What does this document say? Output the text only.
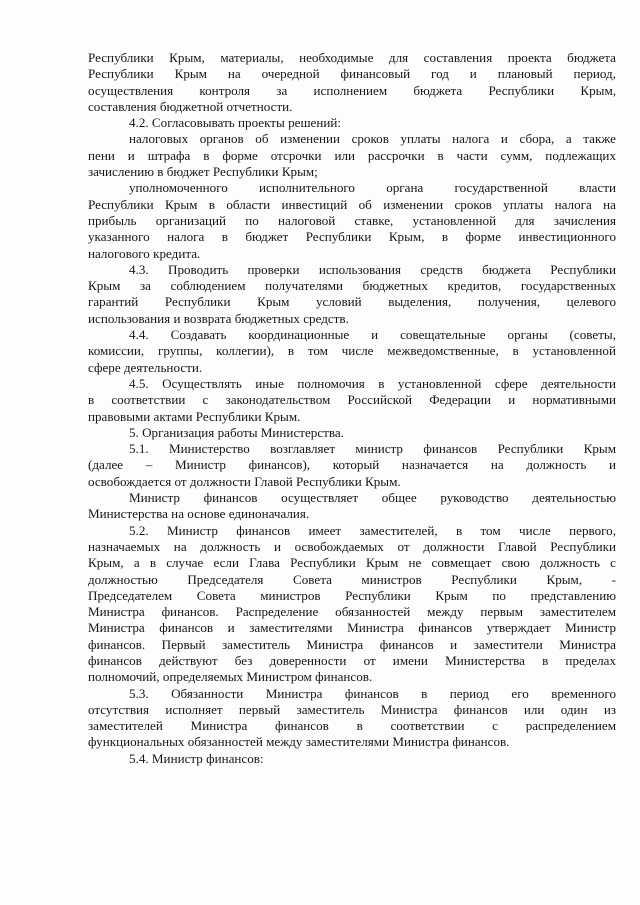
Республики Крым, материалы, необходимые для составления проекта бюджета
Республики Крым на очередной финансовый год и плановый период,
осуществления контроля за исполнением бюджета Республики Крым,
составления бюджетной отчетности.
4.2. Согласовывать проекты решений:
налоговых органов об изменении сроков уплаты налога и сбора, а также
пени и штрафа в форме отсрочки или рассрочки в части сумм, подлежащих
зачислению в бюджет Республики Крым;
уполномоченного исполнительного органа государственной власти
Республики Крым в области инвестиций об изменении сроков уплаты налога на
прибыль организаций по налоговой ставке, установленной для зачисления
указанного налога в бюджет Республики Крым, в форме инвестиционного
налогового кредита.
4.3. Проводить проверки использования средств бюджета Республики
Крым за соблюдением получателями бюджетных кредитов, государственных
гарантий Республики Крым условий выделения, получения, целевого
использования и возврата бюджетных средств.
4.4. Создавать координационные и совещательные органы (советы,
комиссии, группы, коллегии), в том числе межведомственные, в установленной
сфере деятельности.
4.5. Осуществлять иные полномочия в установленной сфере деятельности
в соответствии с законодательством Российской Федерации и нормативными
правовыми актами Республики Крым.
5. Организация работы Министерства.
5.1. Министерство возглавляет министр финансов Республики Крым
(далее – Министр финансов), который назначается на должность и
освобождается от должности Главой Республики Крым.
Министр финансов осуществляет общее руководство деятельностью
Министерства на основе единоначалия.
5.2. Министр финансов имеет заместителей, в том числе первого,
назначаемых на должность и освобождаемых от должности Главой Республики
Крым, а в случае если Глава Республики Крым не совмещает свою должность с
должностью Председателя Совета министров Республики Крым, -
Председателем Совета министров Республики Крым по представлению
Министра финансов. Распределение обязанностей между первым заместителем
Министра финансов и заместителями Министра финансов утверждает Министр
финансов. Первый заместитель Министра финансов и заместители Министра
финансов действуют без доверенности от имени Министерства в пределах
полномочий, определяемых Министром финансов.
5.3. Обязанности Министра финансов в период его временного
отсутствия исполняет первый заместитель Министра финансов или один из
заместителей Министра финансов в соответствии с распределением
функциональных обязанностей между заместителями Министра финансов.
5.4. Министр финансов:
